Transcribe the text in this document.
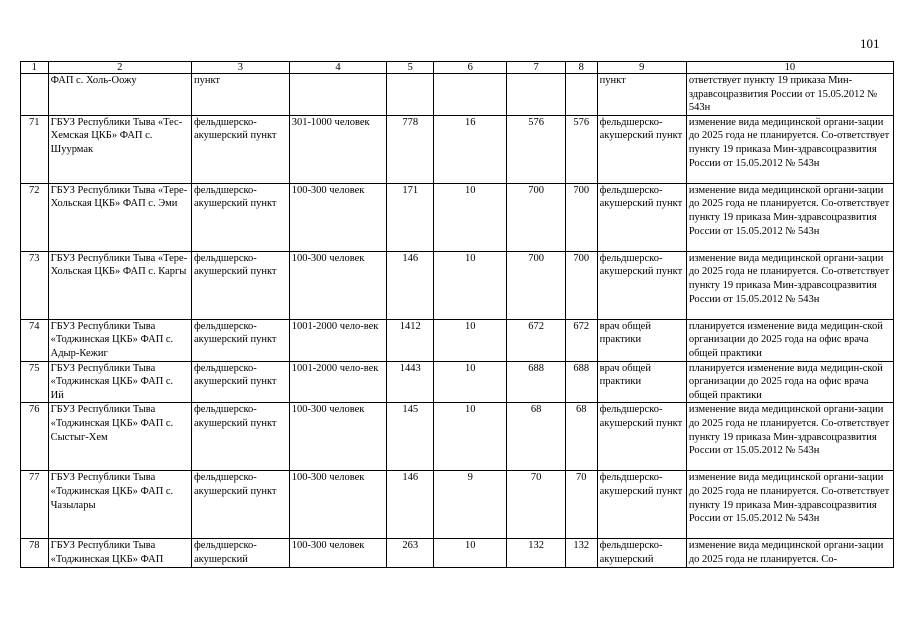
101
1	2	3	4	5	6	7	8	9	10
	ФАП с. Холь-Оожу	пункт						пункт	ответствует пункту 19 приказа Мин-здравсоцразвития России от 15.05.2012 № 543н
71	ГБУЗ Республики Тыва «Тес-Хемская ЦКБ» ФАП с. Шуурмак	фельдшерско-акушерский пункт	301-1000 человек	778	16	576	576	фельдшерско-акушерский пункт	изменение вида медицинской органи-зации до 2025 года не планируется. Со-ответствует пункту 19 приказа Мин-здравсоцразвития России от 15.05.2012 № 543н
72	ГБУЗ Республики Тыва «Тере-Хольская ЦКБ» ФАП с. Эми	фельдшерско-акушерский пункт	100-300 человек	171	10	700	700	фельдшерско-акушерский пункт	изменение вида медицинской органи-зации до 2025 года не планируется. Со-ответствует пункту 19 приказа Мин-здравсоцразвития России от 15.05.2012 № 543н
73	ГБУЗ Республики Тыва «Тере-Хольская ЦКБ» ФАП с. Каргы	фельдшерско-акушерский пункт	100-300 человек	146	10	700	700	фельдшерско-акушерский пункт	изменение вида медицинской органи-зации до 2025 года не планируется. Со-ответствует пункту 19 приказа Мин-здравсоцразвития России от 15.05.2012 № 543н
74	ГБУЗ Республики Тыва «Тоджинская ЦКБ» ФАП с. Адыр-Кежиг	фельдшерско-акушерский пункт	1001-2000 чело-век	1412	10	672	672	врач общей практики	планируется изменение вида медицин-ской организации до 2025 года на офис врача общей практики
75	ГБУЗ Республики Тыва «Тоджинская ЦКБ» ФАП с. Ий	фельдшерско-акушерский пункт	1001-2000 чело-век	1443	10	688	688	врач общей практики	планируется изменение вида медицин-ской организации до 2025 года на офис врача общей практики
76	ГБУЗ Республики Тыва «Тоджинская ЦКБ» ФАП с. Сыстыг-Хем	фельдшерско-акушерский пункт	100-300 человек	145	10	68	68	фельдшерско-акушерский пункт	изменение вида медицинской органи-зации до 2025 года не планируется. Со-ответствует пункту 19 приказа Мин-здравсоцразвития России от 15.05.2012 № 543н
77	ГБУЗ Республики Тыва «Тоджинская ЦКБ» ФАП с. Чазылары	фельдшерско-акушерский пункт	100-300 человек	146	9	70	70	фельдшерско-акушерский пункт	изменение вида медицинской органи-зации до 2025 года не планируется. Со-ответствует пункту 19 приказа Мин-здравсоцразвития России от 15.05.2012 № 543н
78	ГБУЗ Республики Тыва «Тоджинская ЦКБ» ФАП	фельдшерско-акушерский	100-300 человек	263	10	132	132	фельдшерско-акушерский	изменение вида медицинской органи-зации до 2025 года не планируется. Со-
